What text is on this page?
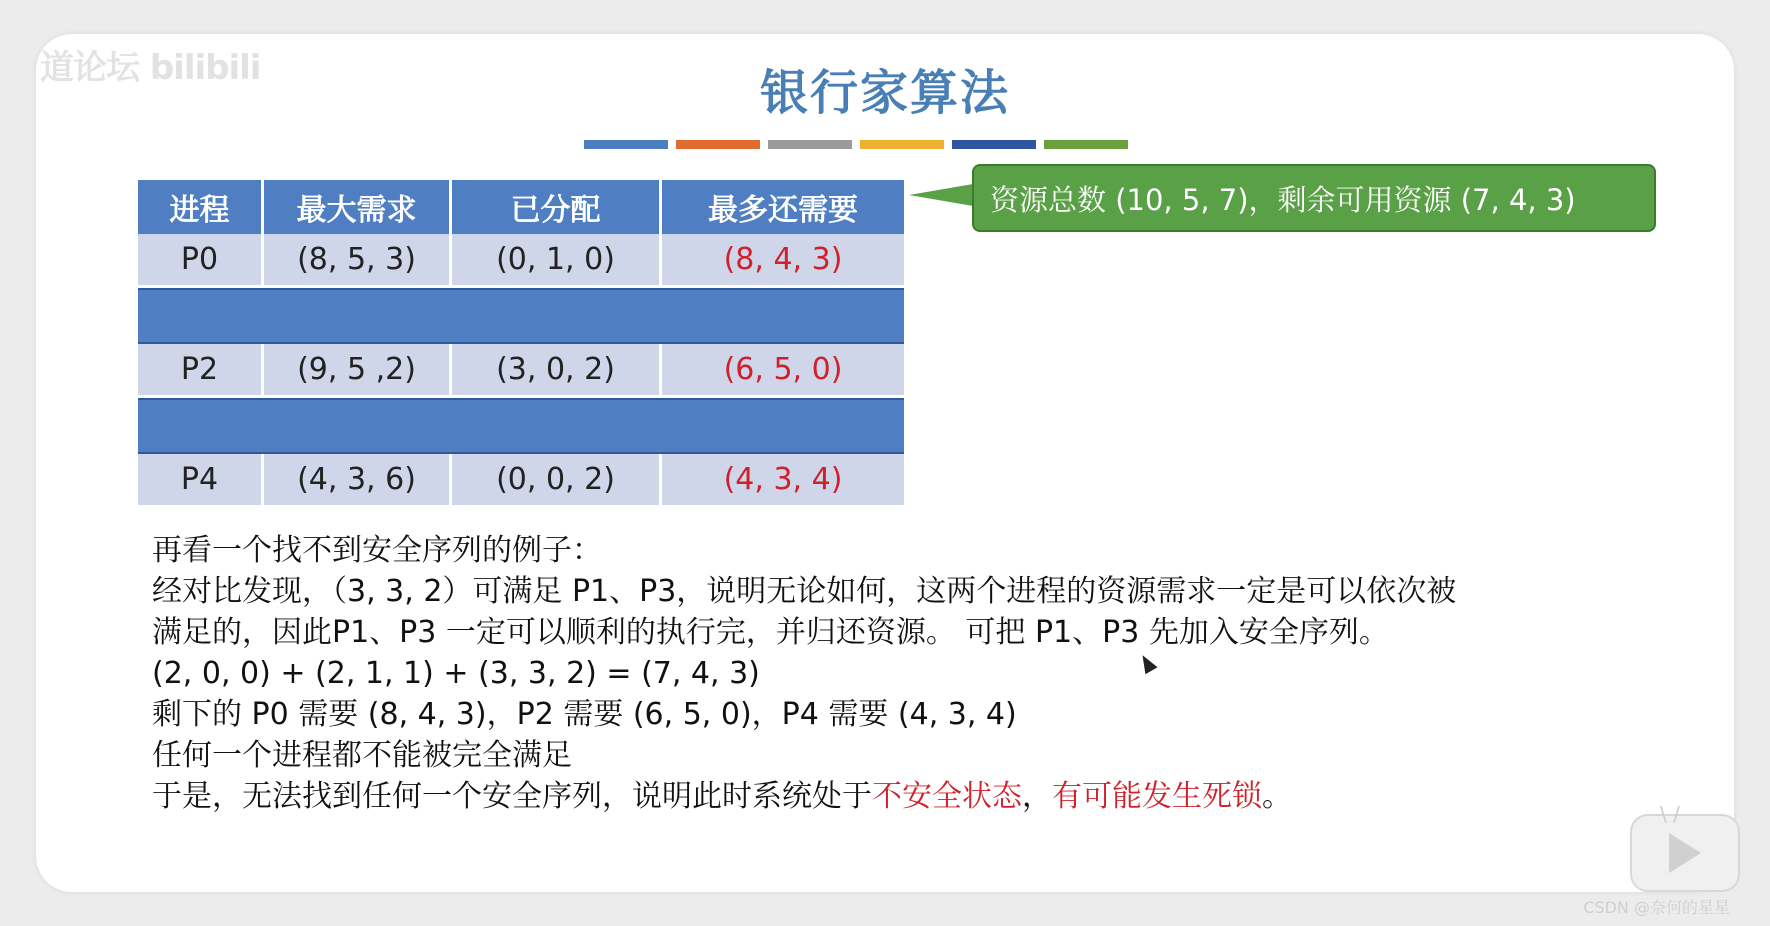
道论坛 bilibili	银行家算法
进程	最大需求	已分配	最多还需要
P0	(8, 5, 3)	(0, 1, 0)	(8, 4, 3)
P2	(9, 5 ,2)	(3, 0, 2)	(6, 5, 0)
P4	(4, 3, 6)	(0, 0, 2)	(4, 3, 4)
资源总数 (10, 5, 7)，剩余可用资源 (7, 4, 3)
再看一个找不到安全序列的例子：
经对比发现，（3, 3, 2）可满足 P1、P3，说明无论如何，这两个进程的资源需求一定是可以依次被
满足的，因此P1、P3 一定可以顺利的执行完，并归还资源。 可把 P1、P3 先加入安全序列。
(2, 0, 0) + (2, 1, 1) + (3, 3, 2) = (7, 4, 3)
剩下的 P0 需要 (8, 4, 3)，P2 需要 (6, 5, 0)，P4 需要 (4, 3, 4)
任何一个进程都不能被完全满足
于是，无法找到任何一个安全序列，说明此时系统处于不安全状态，有可能发生死锁。	\ /
CSDN @奈何的星星
